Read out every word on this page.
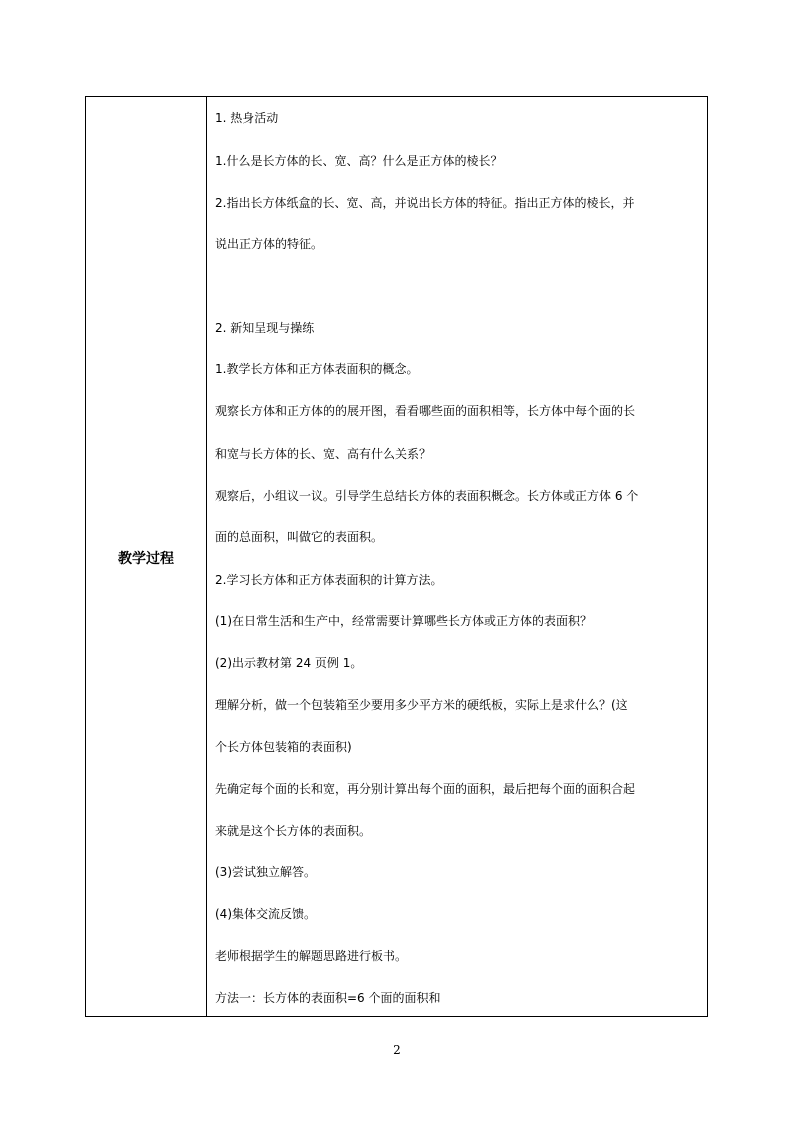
教学过程
1. 热身活动
1.什么是长方体的长、宽、高？什么是正方体的棱长？
2.指出长方体纸盒的长、宽、高，并说出长方体的特征。指出正方体的棱长，并
说出正方体的特征。
2. 新知呈现与操练
1.教学长方体和正方体表面积的概念。
观察长方体和正方体的的展开图，看看哪些面的面积相等，长方体中每个面的长
和宽与长方体的长、宽、高有什么关系？
观察后，小组议一议。引导学生总结长方体的表面积概念。长方体或正方体 6 个
面的总面积，叫做它的表面积。
2.学习长方体和正方体表面积的计算方法。
(1)在日常生活和生产中，经常需要计算哪些长方体或正方体的表面积？
(2)出示教材第 24 页例 1。
理解分析，做一个包装箱至少要用多少平方米的硬纸板，实际上是求什么？(这
个长方体包装箱的表面积)
先确定每个面的长和宽，再分别计算出每个面的面积，最后把每个面的面积合起
来就是这个长方体的表面积。
(3)尝试独立解答。
(4)集体交流反馈。
老师根据学生的解题思路进行板书。
方法一：长方体的表面积=6 个面的面积和
2
